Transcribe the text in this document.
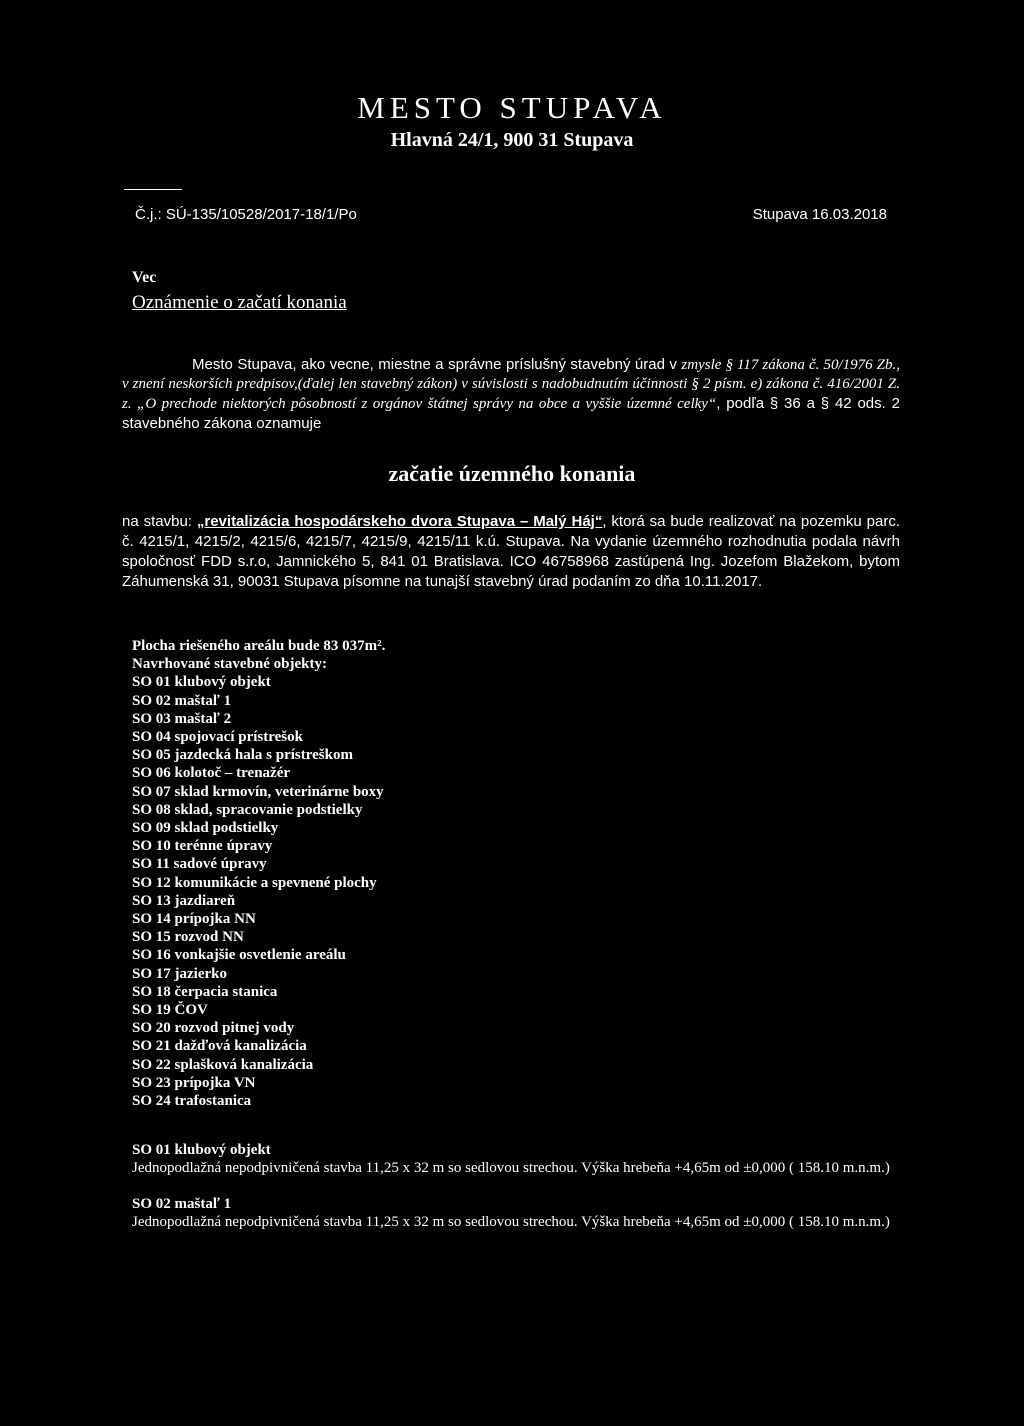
MESTO STUPAVA
Hlavná 24/1, 900 31 Stupava
Č.j.: SÚ-135/10528/2017-18/1/Po	Stupava 16.03.2018
Vec
Oznámenie o začatí konania
Mesto Stupava, ako vecne, miestne a správne príslušný stavebný úrad v zmysle § 117 zákona č. 50/1976 Zb., v znení neskorších predpisov,(ďalej len stavebný zákon) v súvislosti s nadobudnutím účinnosti § 2 písm. e) zákona č. 416/2001 Z. z. „O prechode niektorých pôsobností z orgánov štátnej správy na obce a vyššie územné celky“, podľa § 36 a § 42 ods. 2 stavebného zákona oznamuje
začatie územného konania
na stavbu: „revitalizácia hospodárskeho dvora Stupava – Malý Háj“, ktorá sa bude realizovať na pozemku parc. č. 4215/1, 4215/2, 4215/6, 4215/7, 4215/9, 4215/11 k.ú. Stupava. Na vydanie územného rozhodnutia podala návrh spoločnosť FDD s.r.o, Jamnického 5, 841 01 Bratislava. ICO 46758968 zastúpená Ing. Jozefom Blažekom, bytom Záhumenská 31, 90031 Stupava písomne na tunajší stavebný úrad podaním zo dňa 10.11.2017.
Plocha riešeného areálu bude 83 037m².
Navrhované stavebné objekty:
SO 01 klubový objekt
SO 02 maštaľ 1
SO 03 maštaľ 2
SO 04 spojovací prístrešok
SO 05 jazdecká hala s prístreškom
SO 06 kolotoč – trenažér
SO 07 sklad krmovín, veterinárne boxy
SO 08 sklad, spracovanie podstielky
SO 09 sklad podstielky
SO 10 terénne úpravy
SO 11 sadové úpravy
SO 12 komunikácie a spevnené plochy
SO 13 jazdiareň
SO 14 prípojka NN
SO 15 rozvod NN
SO 16 vonkajšie osvetlenie areálu
SO 17 jazierko
SO 18 čerpacia stanica
SO 19 ČOV
SO 20 rozvod pitnej vody
SO 21 dažďová kanalizácia
SO 22 splašková kanalizácia
SO 23 prípojka VN
SO 24 trafostanica
SO 01 klubový objekt
Jednopodlažná nepodpivničená stavba 11,25 x 32 m so sedlovou strechou. Výška hrebeňa +4,65m od ±0,000 ( 158.10 m.n.m.)
SO 02 maštaľ 1
Jednopodlažná nepodpivničená stavba 11,25 x 32 m so sedlovou strechou. Výška hrebeňa +4,65m od ±0,000 ( 158.10 m.n.m.)
